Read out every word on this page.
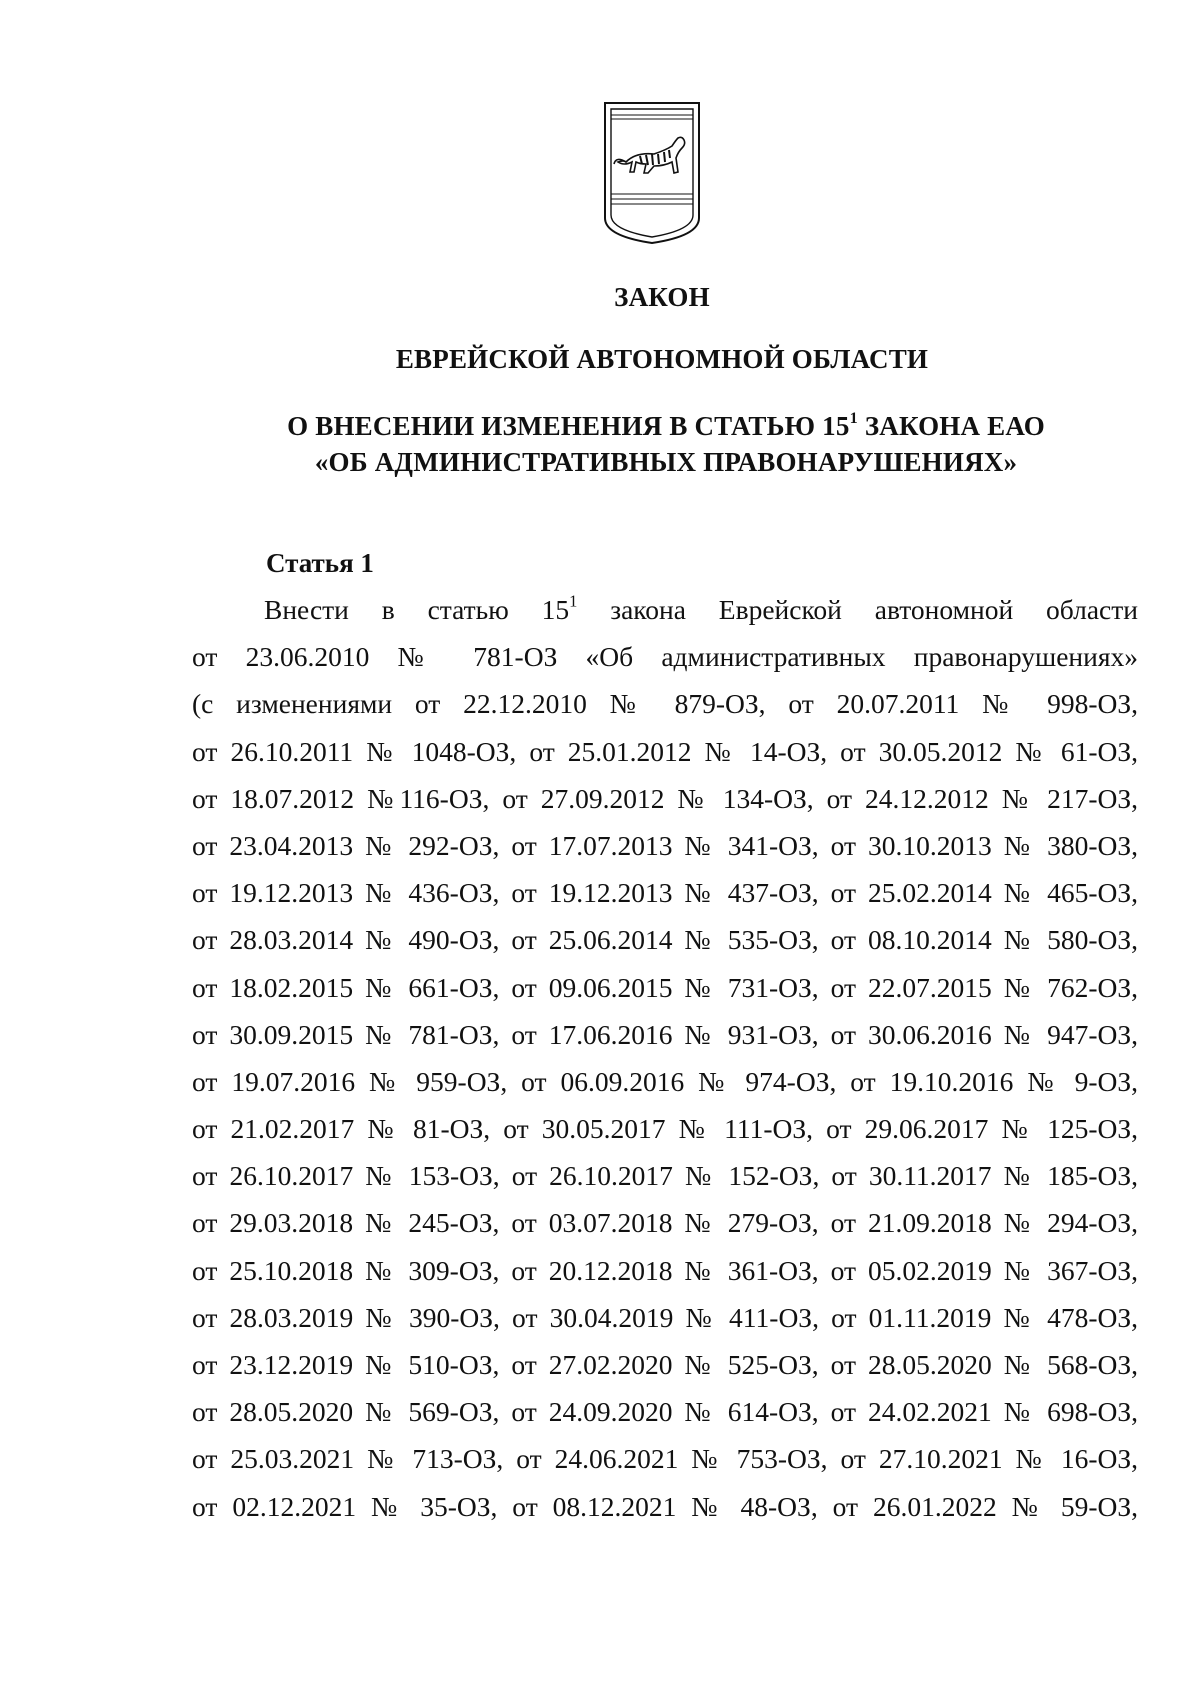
ЗАКОН
ЕВРЕЙСКОЙ АВТОНОМНОЙ ОБЛАСТИ
О ВНЕСЕНИИ ИЗМЕНЕНИЯ В СТАТЬЮ $15^1$ ЗАКОНА ЕАО
«ОБ АДМИНИСТРАТИВНЫХ ПРАВОНАРУШЕНИЯХ»
Статья 1
Внести в статью $15^1$ закона Еврейской автономной области
от 23.06.2010 № 781-ОЗ «Об административных правонарушениях»
(с изменениями от 22.12.2010 № 879-ОЗ, от 20.07.2011 № 998-ОЗ,
от 26.10.2011 № 1048-ОЗ, от 25.01.2012 № 14-ОЗ, от 30.05.2012 № 61-ОЗ,
от 18.07.2012 №116-ОЗ, от 27.09.2012 № 134-ОЗ, от 24.12.2012 № 217-ОЗ,
от 23.04.2013 № 292-ОЗ, от 17.07.2013 № 341-ОЗ, от 30.10.2013 № 380-ОЗ,
от 19.12.2013 № 436-ОЗ, от 19.12.2013 № 437-ОЗ, от 25.02.2014 № 465-ОЗ,
от 28.03.2014 № 490-ОЗ, от 25.06.2014 № 535-ОЗ, от 08.10.2014 № 580-ОЗ,
от 18.02.2015 № 661-ОЗ, от 09.06.2015 № 731-ОЗ, от 22.07.2015 № 762-ОЗ,
от 30.09.2015 № 781-ОЗ, от 17.06.2016 № 931-ОЗ, от 30.06.2016 № 947-ОЗ,
от 19.07.2016 № 959-ОЗ, от 06.09.2016 № 974-ОЗ, от 19.10.2016 № 9-ОЗ,
от 21.02.2017 № 81-ОЗ, от 30.05.2017 № 111-ОЗ, от 29.06.2017 № 125-ОЗ,
от 26.10.2017 № 153-ОЗ, от 26.10.2017 № 152-ОЗ, от 30.11.2017 № 185-ОЗ,
от 29.03.2018 № 245-ОЗ, от 03.07.2018 № 279-ОЗ, от 21.09.2018 № 294-ОЗ,
от 25.10.2018 № 309-ОЗ, от 20.12.2018 № 361-ОЗ, от 05.02.2019 № 367-ОЗ,
от 28.03.2019 № 390-ОЗ, от 30.04.2019 № 411-ОЗ, от 01.11.2019 № 478-ОЗ,
от 23.12.2019 № 510-ОЗ, от 27.02.2020 № 525-ОЗ, от 28.05.2020 № 568-ОЗ,
от 28.05.2020 № 569-ОЗ, от 24.09.2020 № 614-ОЗ, от 24.02.2021 № 698-ОЗ,
от 25.03.2021 № 713-ОЗ, от 24.06.2021 № 753-ОЗ, от 27.10.2021 № 16-ОЗ,
от 02.12.2021 № 35-ОЗ, от 08.12.2021 № 48-ОЗ, от 26.01.2022 № 59-ОЗ,
